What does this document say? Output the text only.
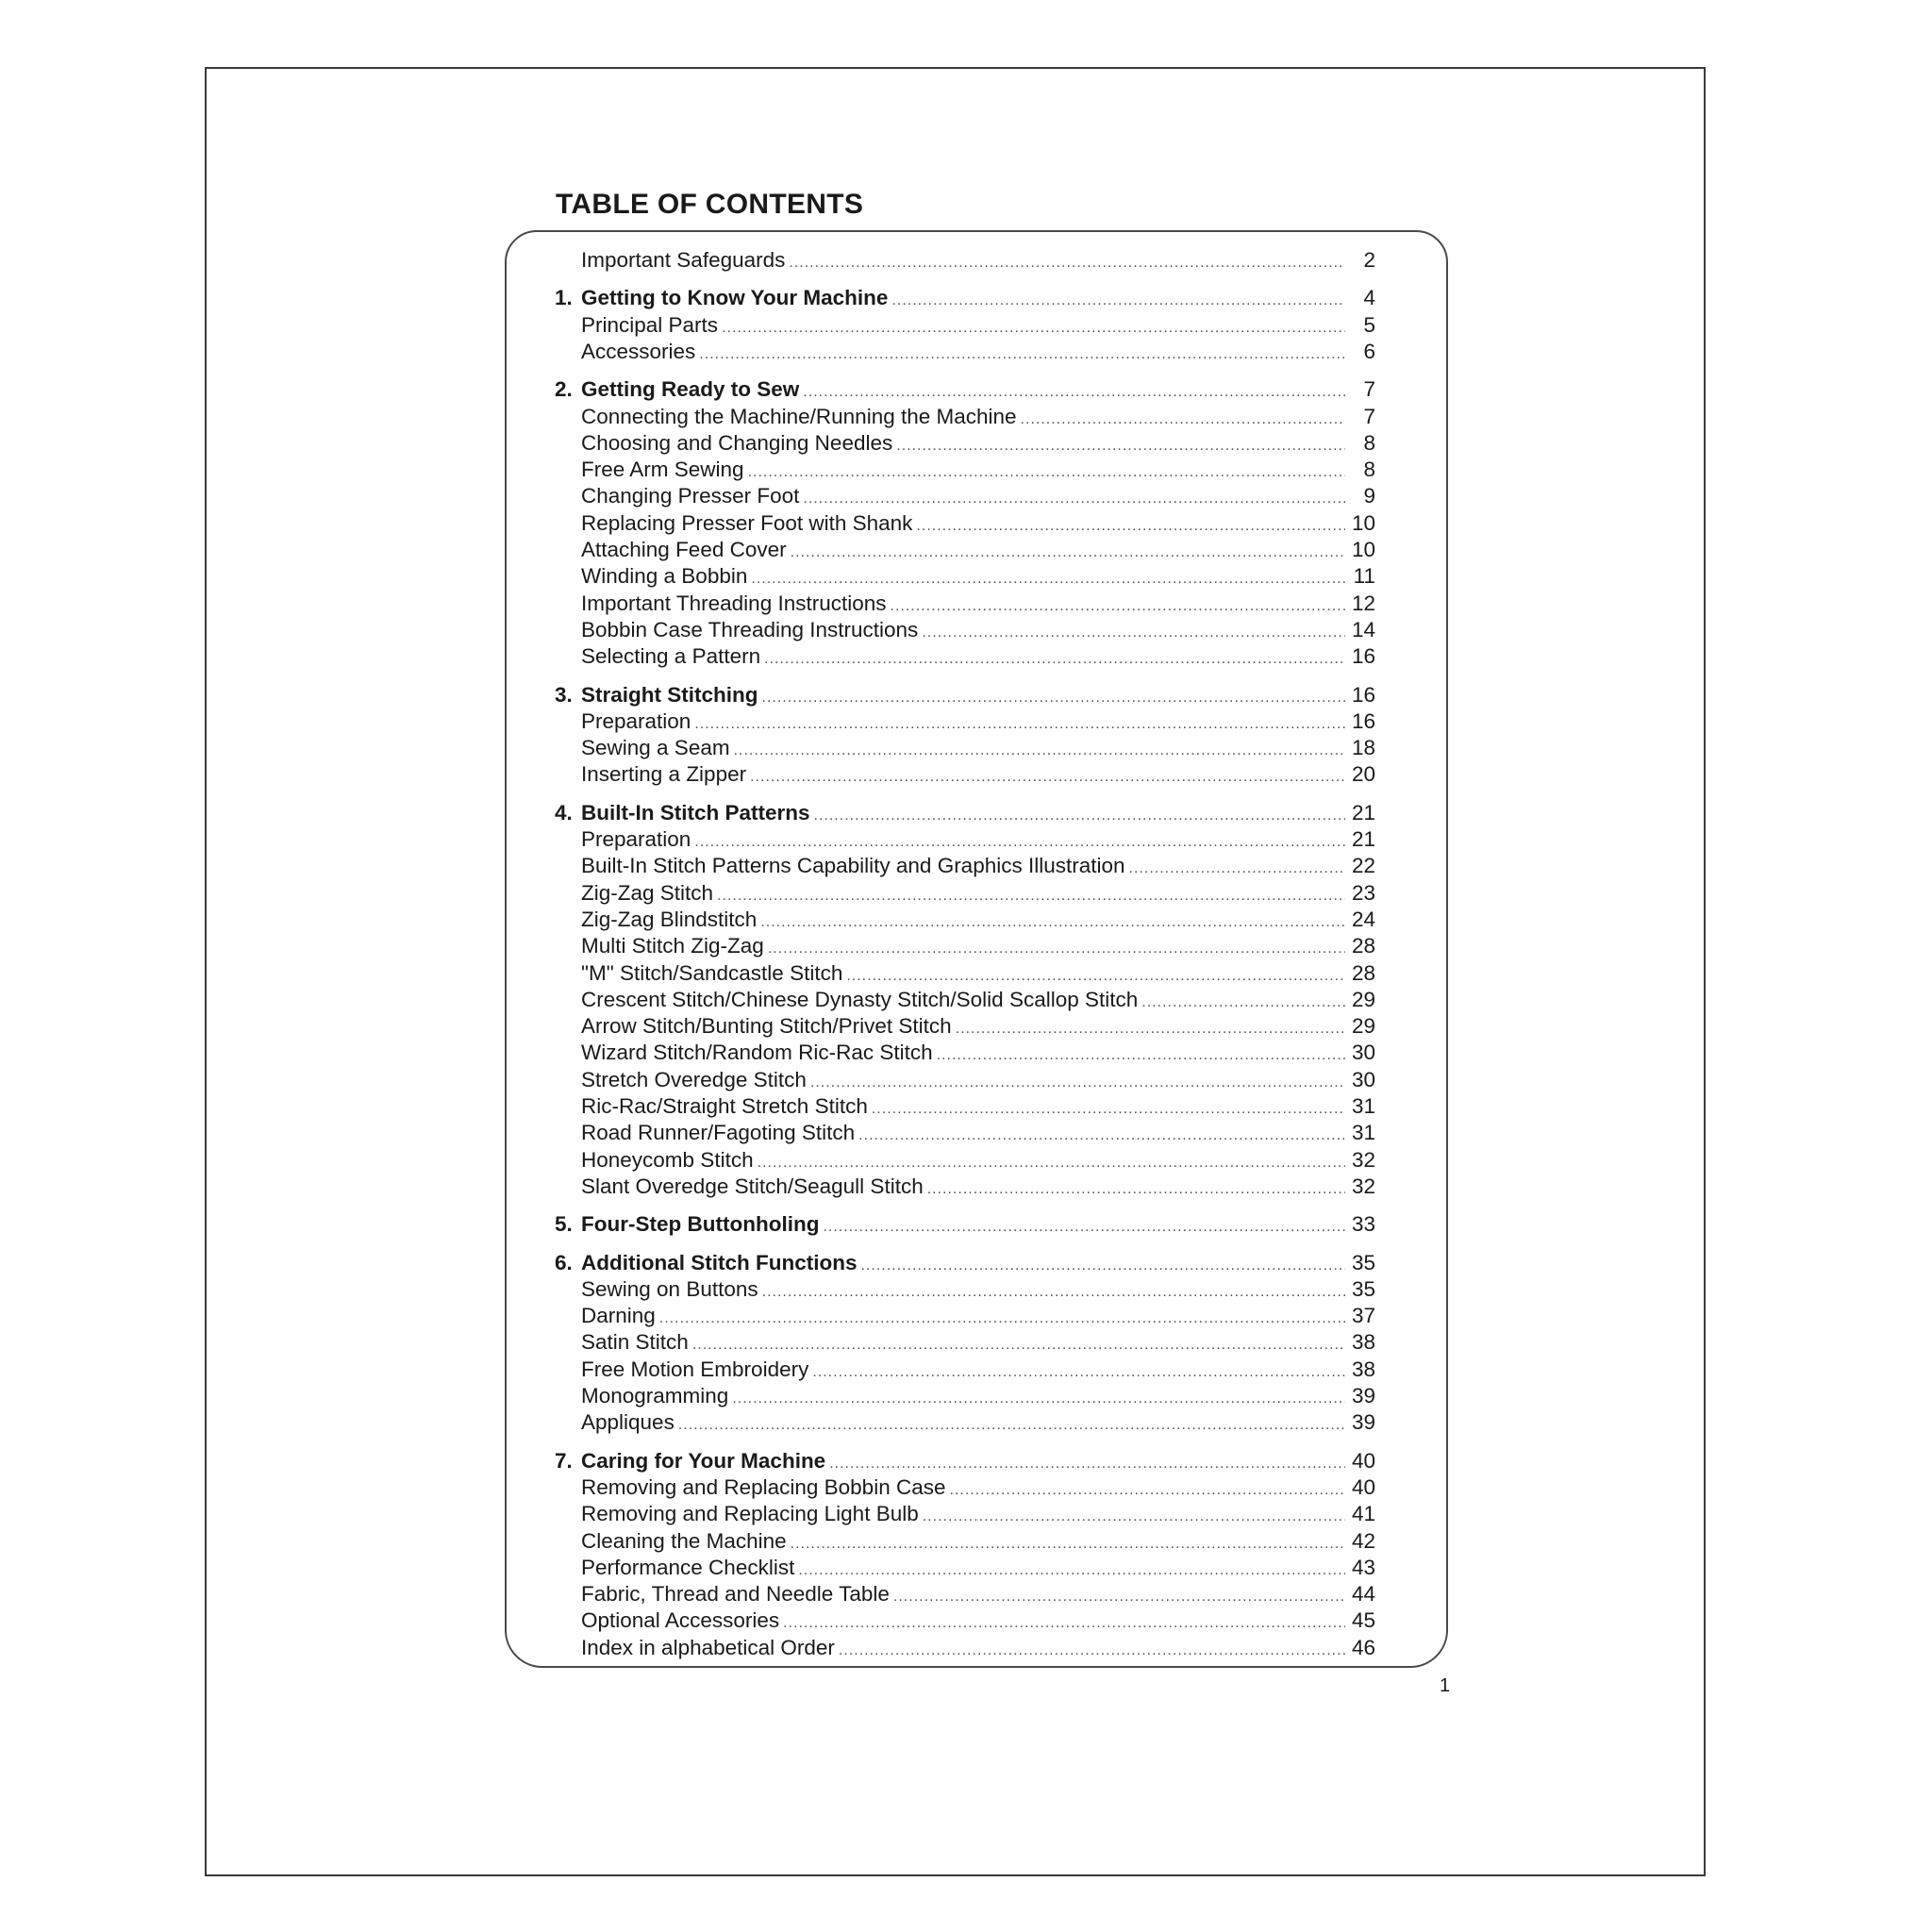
TABLE OF CONTENTS
Important Safeguards .....	2
1. Getting to Know Your Machine .....	4
Principal Parts .....	5
Accessories .....	6
2. Getting Ready to Sew .....	7
Connecting the Machine/Running the Machine .....	7
Choosing and Changing Needles .....	8
Free Arm Sewing .....	8
Changing Presser Foot .....	9
Replacing Presser Foot with Shank .....	10
Attaching Feed Cover .....	10
Winding a Bobbin .....	11
Important Threading Instructions .....	12
Bobbin Case Threading Instructions .....	14
Selecting a Pattern .....	16
3. Straight Stitching .....	16
Preparation .....	16
Sewing a Seam .....	18
Inserting a Zipper .....	20
4. Built-In Stitch Patterns .....	21
Preparation .....	21
Built-In Stitch Patterns Capability and Graphics Illustration .....	22
Zig-Zag Stitch .....	23
Zig-Zag Blindstitch .....	24
Multi Stitch Zig-Zag .....	28
"M" Stitch/Sandcastle Stitch .....	28
Crescent Stitch/Chinese Dynasty Stitch/Solid Scallop Stitch .....	29
Arrow Stitch/Bunting Stitch/Privet Stitch .....	29
Wizard Stitch/Random Ric-Rac Stitch .....	30
Stretch Overedge Stitch .....	30
Ric-Rac/Straight Stretch Stitch .....	31
Road Runner/Fagoting Stitch .....	31
Honeycomb Stitch .....	32
Slant Overedge Stitch/Seagull Stitch .....	32
5. Four-Step Buttonholing .....	33
6. Additional Stitch Functions .....	35
Sewing on Buttons .....	35
Darning .....	37
Satin Stitch .....	38
Free Motion Embroidery .....	38
Monogramming .....	39
Appliques .....	39
7. Caring for Your Machine .....	40
Removing and Replacing Bobbin Case .....	40
Removing and Replacing Light Bulb .....	41
Cleaning the Machine .....	42
Performance Checklist .....	43
Fabric, Thread and Needle Table .....	44
Optional Accessories .....	45
Index in alphabetical Order .....	46
1
